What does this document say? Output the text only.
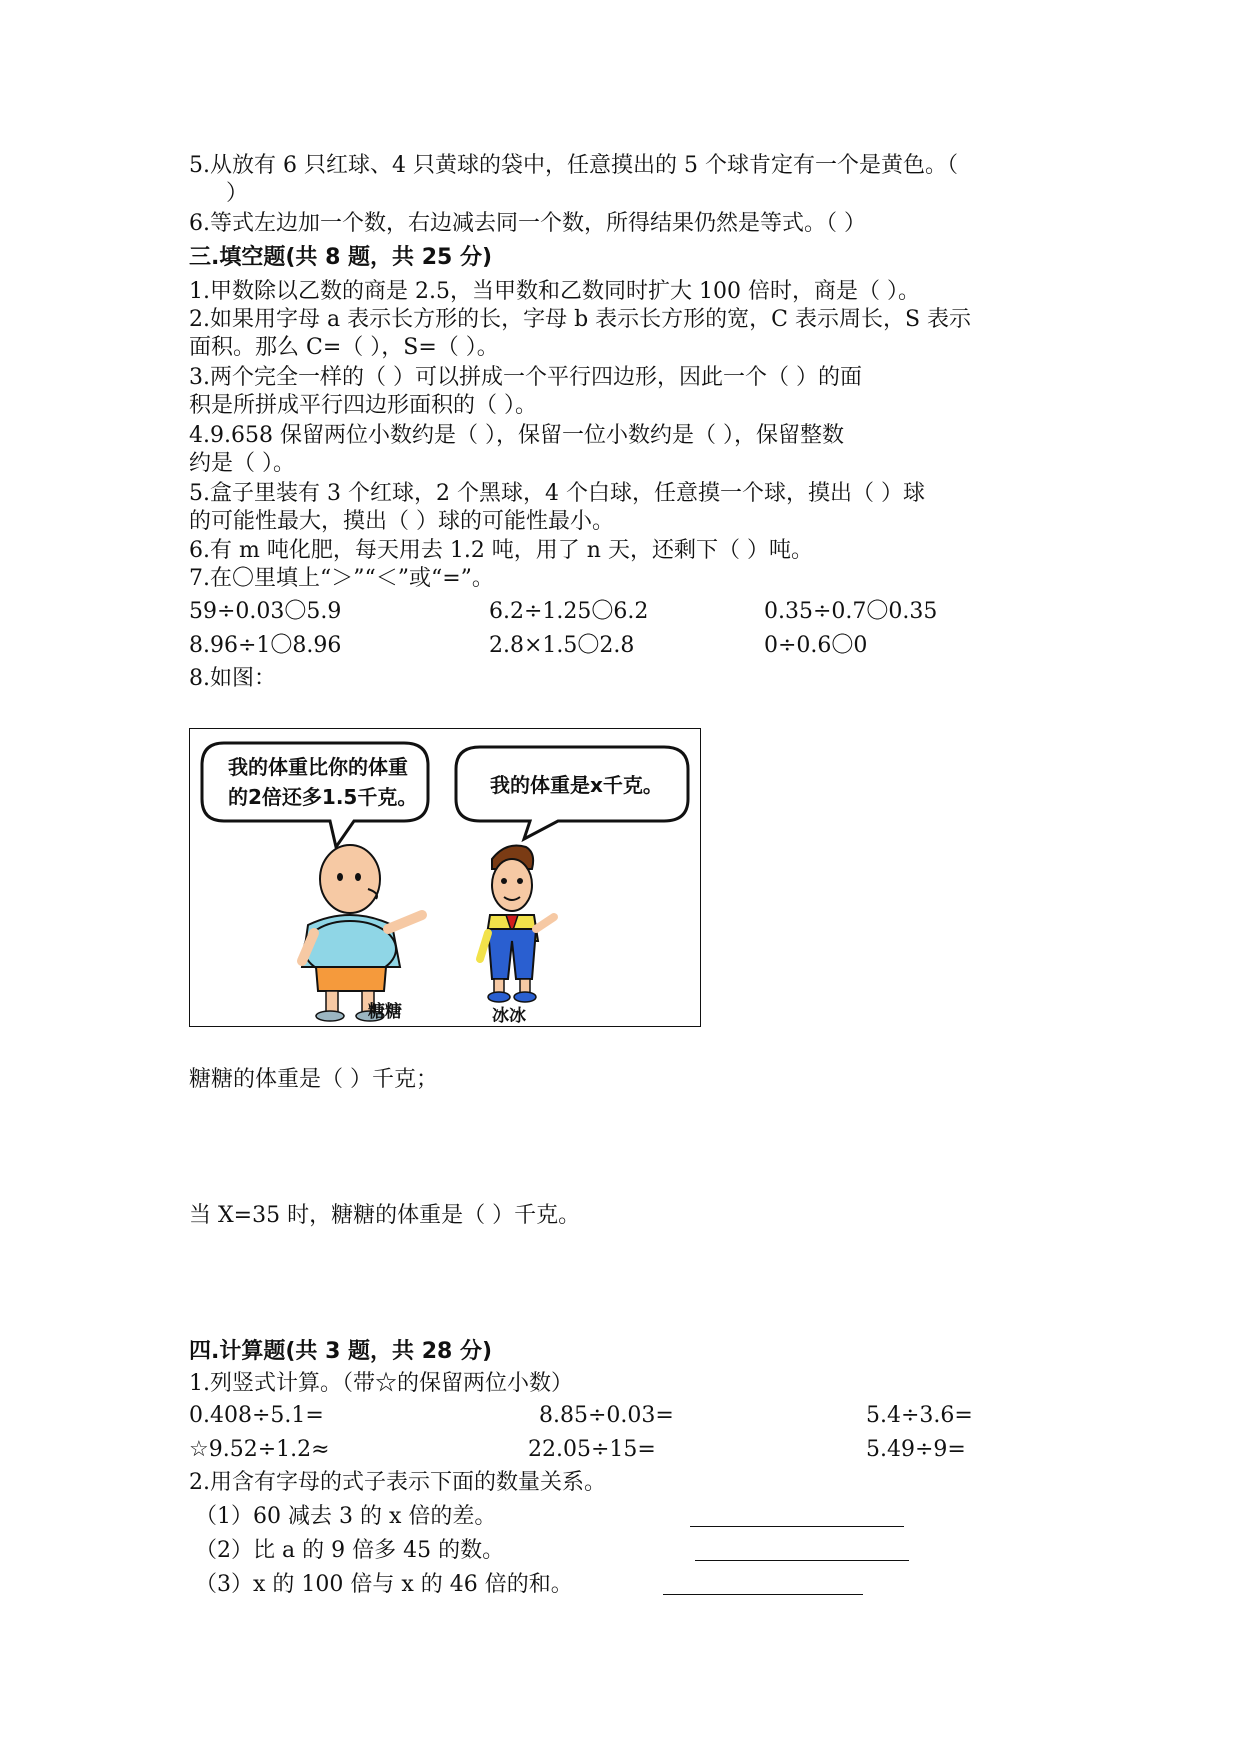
5.从放有 6 只红球、4 只黄球的袋中，任意摸出的 5 个球肯定有一个是黄色。（
）
6.等式左边加一个数，右边减去同一个数，所得结果仍然是等式。（ ）
三.填空题(共 8 题，共 25 分)
1.甲数除以乙数的商是 2.5，当甲数和乙数同时扩大 100 倍时，商是（ ）。
2.如果用字母 a 表示长方形的长，字母 b 表示长方形的宽，C 表示周长，S 表示
面积。那么 C=（ ），S=（ ）。
3.两个完全一样的（ ）可以拼成一个平行四边形，因此一个（ ）的面
积是所拼成平行四边形面积的（ ）。
4.9.658 保留两位小数约是（ ），保留一位小数约是（ ），保留整数
约是（ ）。
5.盒子里装有 3 个红球，2 个黑球，4 个白球，任意摸一个球，摸出（ ）球
的可能性最大，摸出（ ）球的可能性最小。
6.有 m 吨化肥，每天用去 1.2 吨，用了 n 天，还剩下（ ）吨。
7.在〇里填上“＞”“＜”或“=”。
59÷0.03〇5.9	6.2÷1.25〇6.2	0.35÷0.7〇0.35
8.96÷1〇8.96	2.8×1.5〇2.8	0÷0.6〇0
8.如图：
我的体重比你的体重
的2倍还多1.5千克。	我的体重是x千克。
糖糖	冰冰
糖糖的体重是（ ）千克；
当 X=35 时，糖糖的体重是（ ）千克。
四.计算题(共 3 题，共 28 分)
1.列竖式计算。（带☆的保留两位小数）
0.408÷5.1=	8.85÷0.03=	5.4÷3.6=
☆9.52÷1.2≈	22.05÷15=	5.49÷9=
2.用含有字母的式子表示下面的数量关系。
（1）60 减去 3 的 x 倍的差。
（2）比 a 的 9 倍多 45 的数。
（3）x 的 100 倍与 x 的 46 倍的和。
